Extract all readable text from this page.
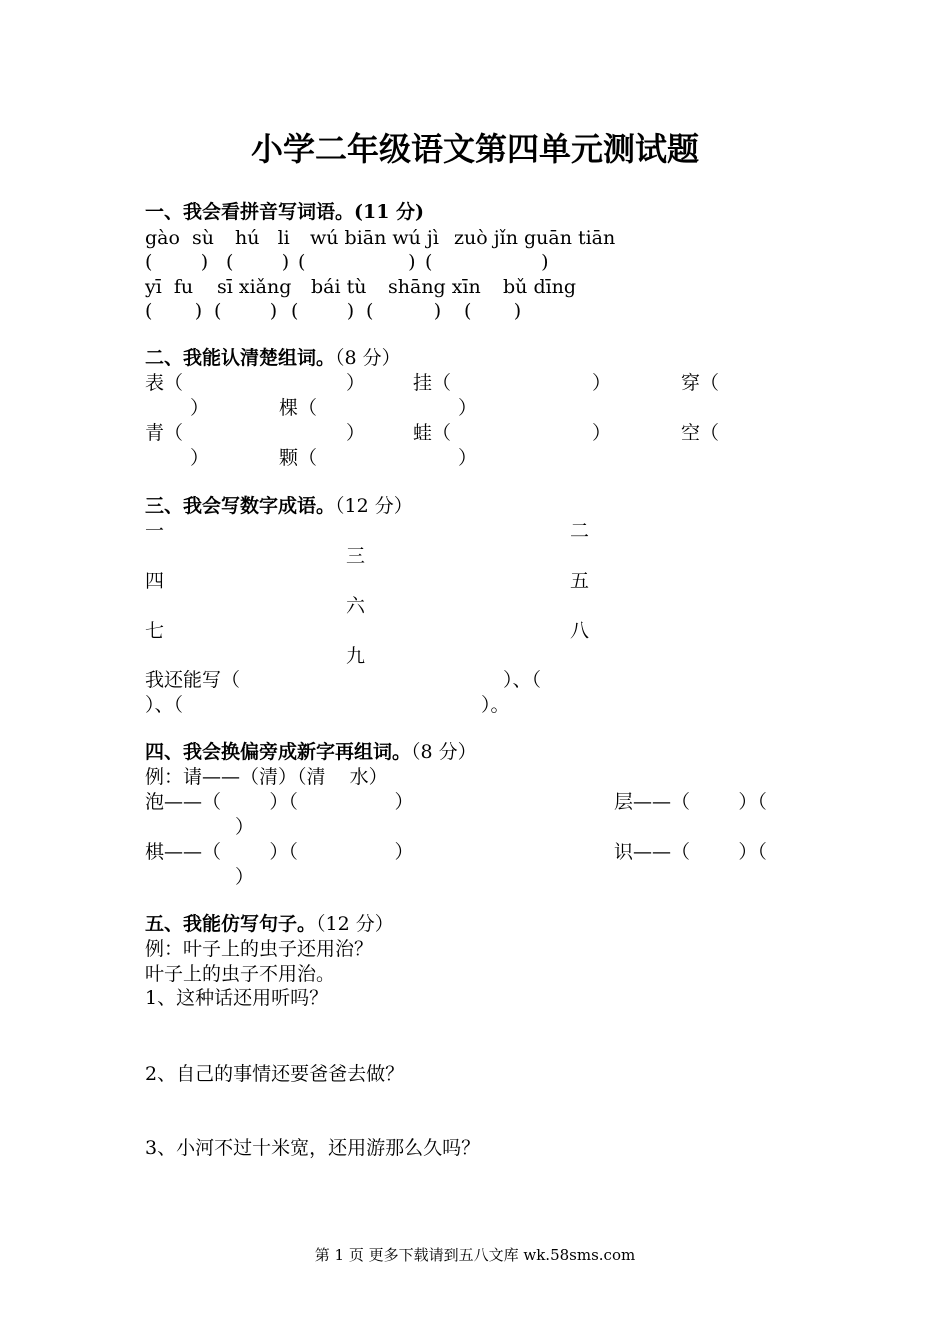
小学二年级语文第四单元测试题
一、我会看拼音写词语。(11 分)
gào  sù hú   li wú biān wú jì zuò jǐn guān tiān
(        ) (        ) (                 ) (                  )
yī  fu sī xiǎng bái tù shāng xīn bǔ dīng
(       ) (        ) (        ) (          ) (       )
二、我能认清楚组词。（8 分）
表（	）	挂（	）	穿（
）	棵（	）
青（	）	蛙（	）	空（
）	颗（	）
三、我会写数字成语。（12 分）
一	二
三
四	五
六
七	八
九
我还能写（	）、（
）、（	）。
四、我会换偏旁成新字再组词。（8 分）
例：请——（清）（清    水）
泡——（        ）（                ）	层——（        ）（
）
棋——（        ）（                ）	识——（        ）（
）
五、我能仿写句子。（12 分）
例：叶子上的虫子还用治？
叶子上的虫子不用治。
1、这种话还用听吗？
2、自己的事情还要爸爸去做？
3、小河不过十米宽，还用游那么久吗？
第 1 页 更多下载请到五八文库 wk.58sms.com
